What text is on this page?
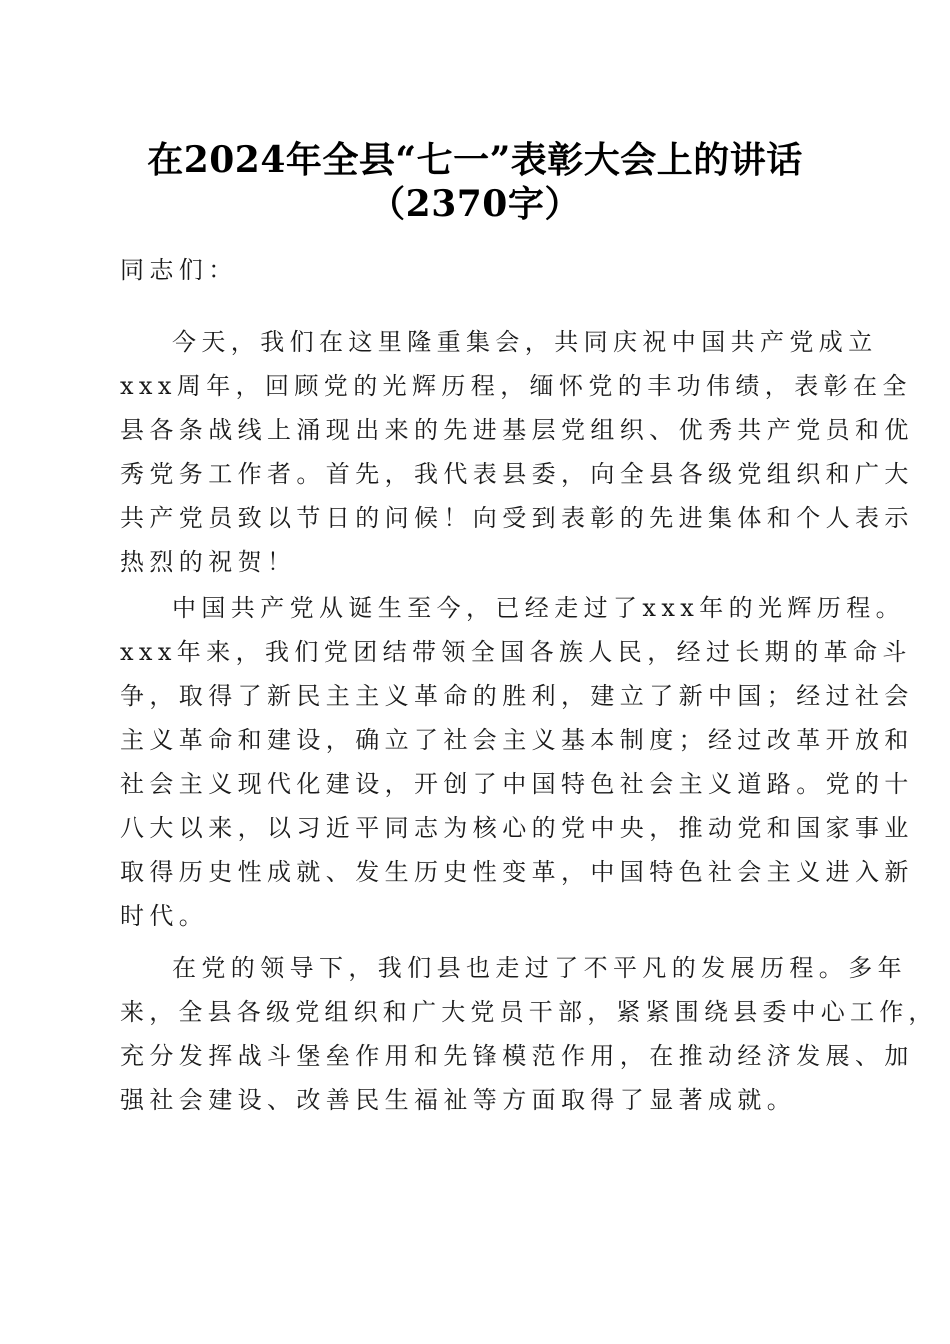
在2024年全县“七一”表彰大会上的讲话
（2370字）
同志们：
今天，我们在这里隆重集会，共同庆祝中国共产党成立
xxx周年，回顾党的光辉历程，缅怀党的丰功伟绩，表彰在全
县各条战线上涌现出来的先进基层党组织、优秀共产党员和优
秀党务工作者。首先，我代表县委，向全县各级党组织和广大
共产党员致以节日的问候！向受到表彰的先进集体和个人表示
热烈的祝贺！
中国共产党从诞生至今，已经走过了xxx年的光辉历程。
xxx年来，我们党团结带领全国各族人民，经过长期的革命斗
争，取得了新民主主义革命的胜利，建立了新中国；经过社会
主义革命和建设，确立了社会主义基本制度；经过改革开放和
社会主义现代化建设，开创了中国特色社会主义道路。党的十
八大以来，以习近平同志为核心的党中央，推动党和国家事业
取得历史性成就、发生历史性变革，中国特色社会主义进入新
时代。
在党的领导下，我们县也走过了不平凡的发展历程。多年
来，全县各级党组织和广大党员干部，紧紧围绕县委中心工作，
充分发挥战斗堡垒作用和先锋模范作用，在推动经济发展、加
强社会建设、改善民生福祉等方面取得了显著成就。
